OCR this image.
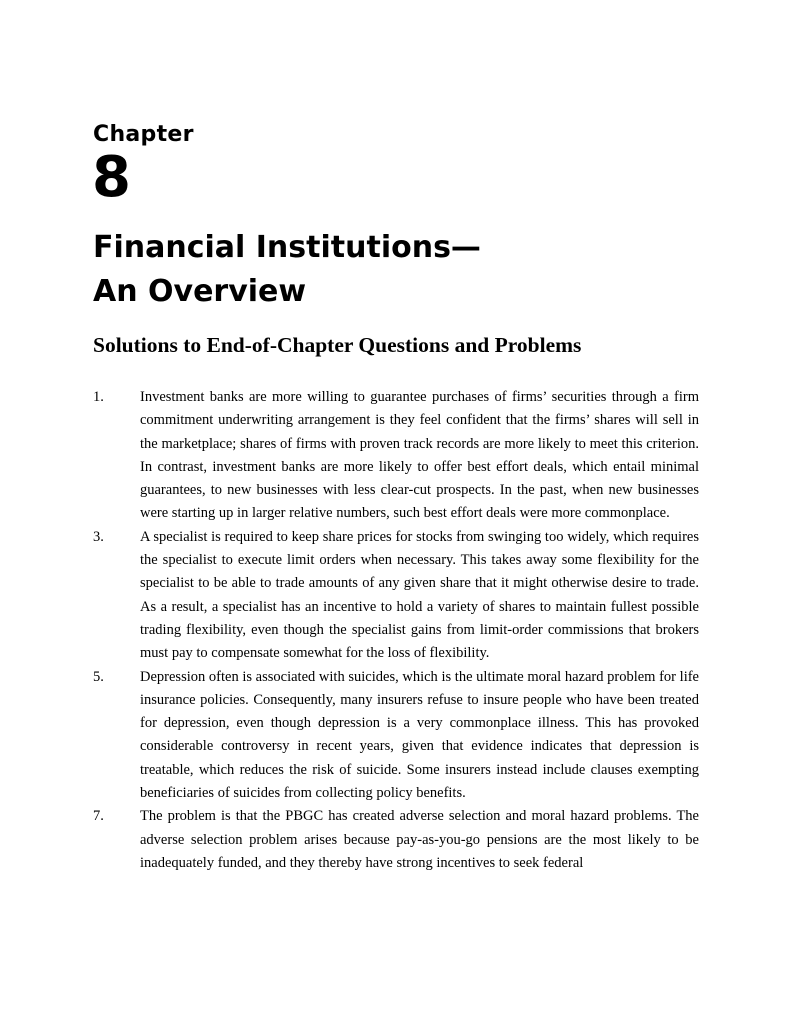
Chapter
8
Financial Institutions—
An Overview
Solutions to End-of-Chapter Questions and Problems
1.	Investment banks are more willing to guarantee purchases of firms’ securities through a firm commitment underwriting arrangement is they feel confident that the firms’ shares will sell in the marketplace; shares of firms with proven track records are more likely to meet this criterion. In contrast, investment banks are more likely to offer best effort deals, which entail minimal guarantees, to new businesses with less clear-cut prospects. In the past, when new businesses were starting up in larger relative numbers, such best effort deals were more commonplace.
3.	A specialist is required to keep share prices for stocks from swinging too widely, which requires the specialist to execute limit orders when necessary. This takes away some flexibility for the specialist to be able to trade amounts of any given share that it might otherwise desire to trade. As a result, a specialist has an incentive to hold a variety of shares to maintain fullest possible trading flexibility, even though the specialist gains from limit-order commissions that brokers must pay to compensate somewhat for the loss of flexibility.
5.	Depression often is associated with suicides, which is the ultimate moral hazard problem for life insurance policies. Consequently, many insurers refuse to insure people who have been treated for depression, even though depression is a very commonplace illness. This has provoked considerable controversy in recent years, given that evidence indicates that depression is treatable, which reduces the risk of suicide. Some insurers instead include clauses exempting beneficiaries of suicides from collecting policy benefits.
7.	The problem is that the PBGC has created adverse selection and moral hazard problems. The adverse selection problem arises because pay-as-you-go pensions are the most likely to be inadequately funded, and they thereby have strong incentives to seek federal
